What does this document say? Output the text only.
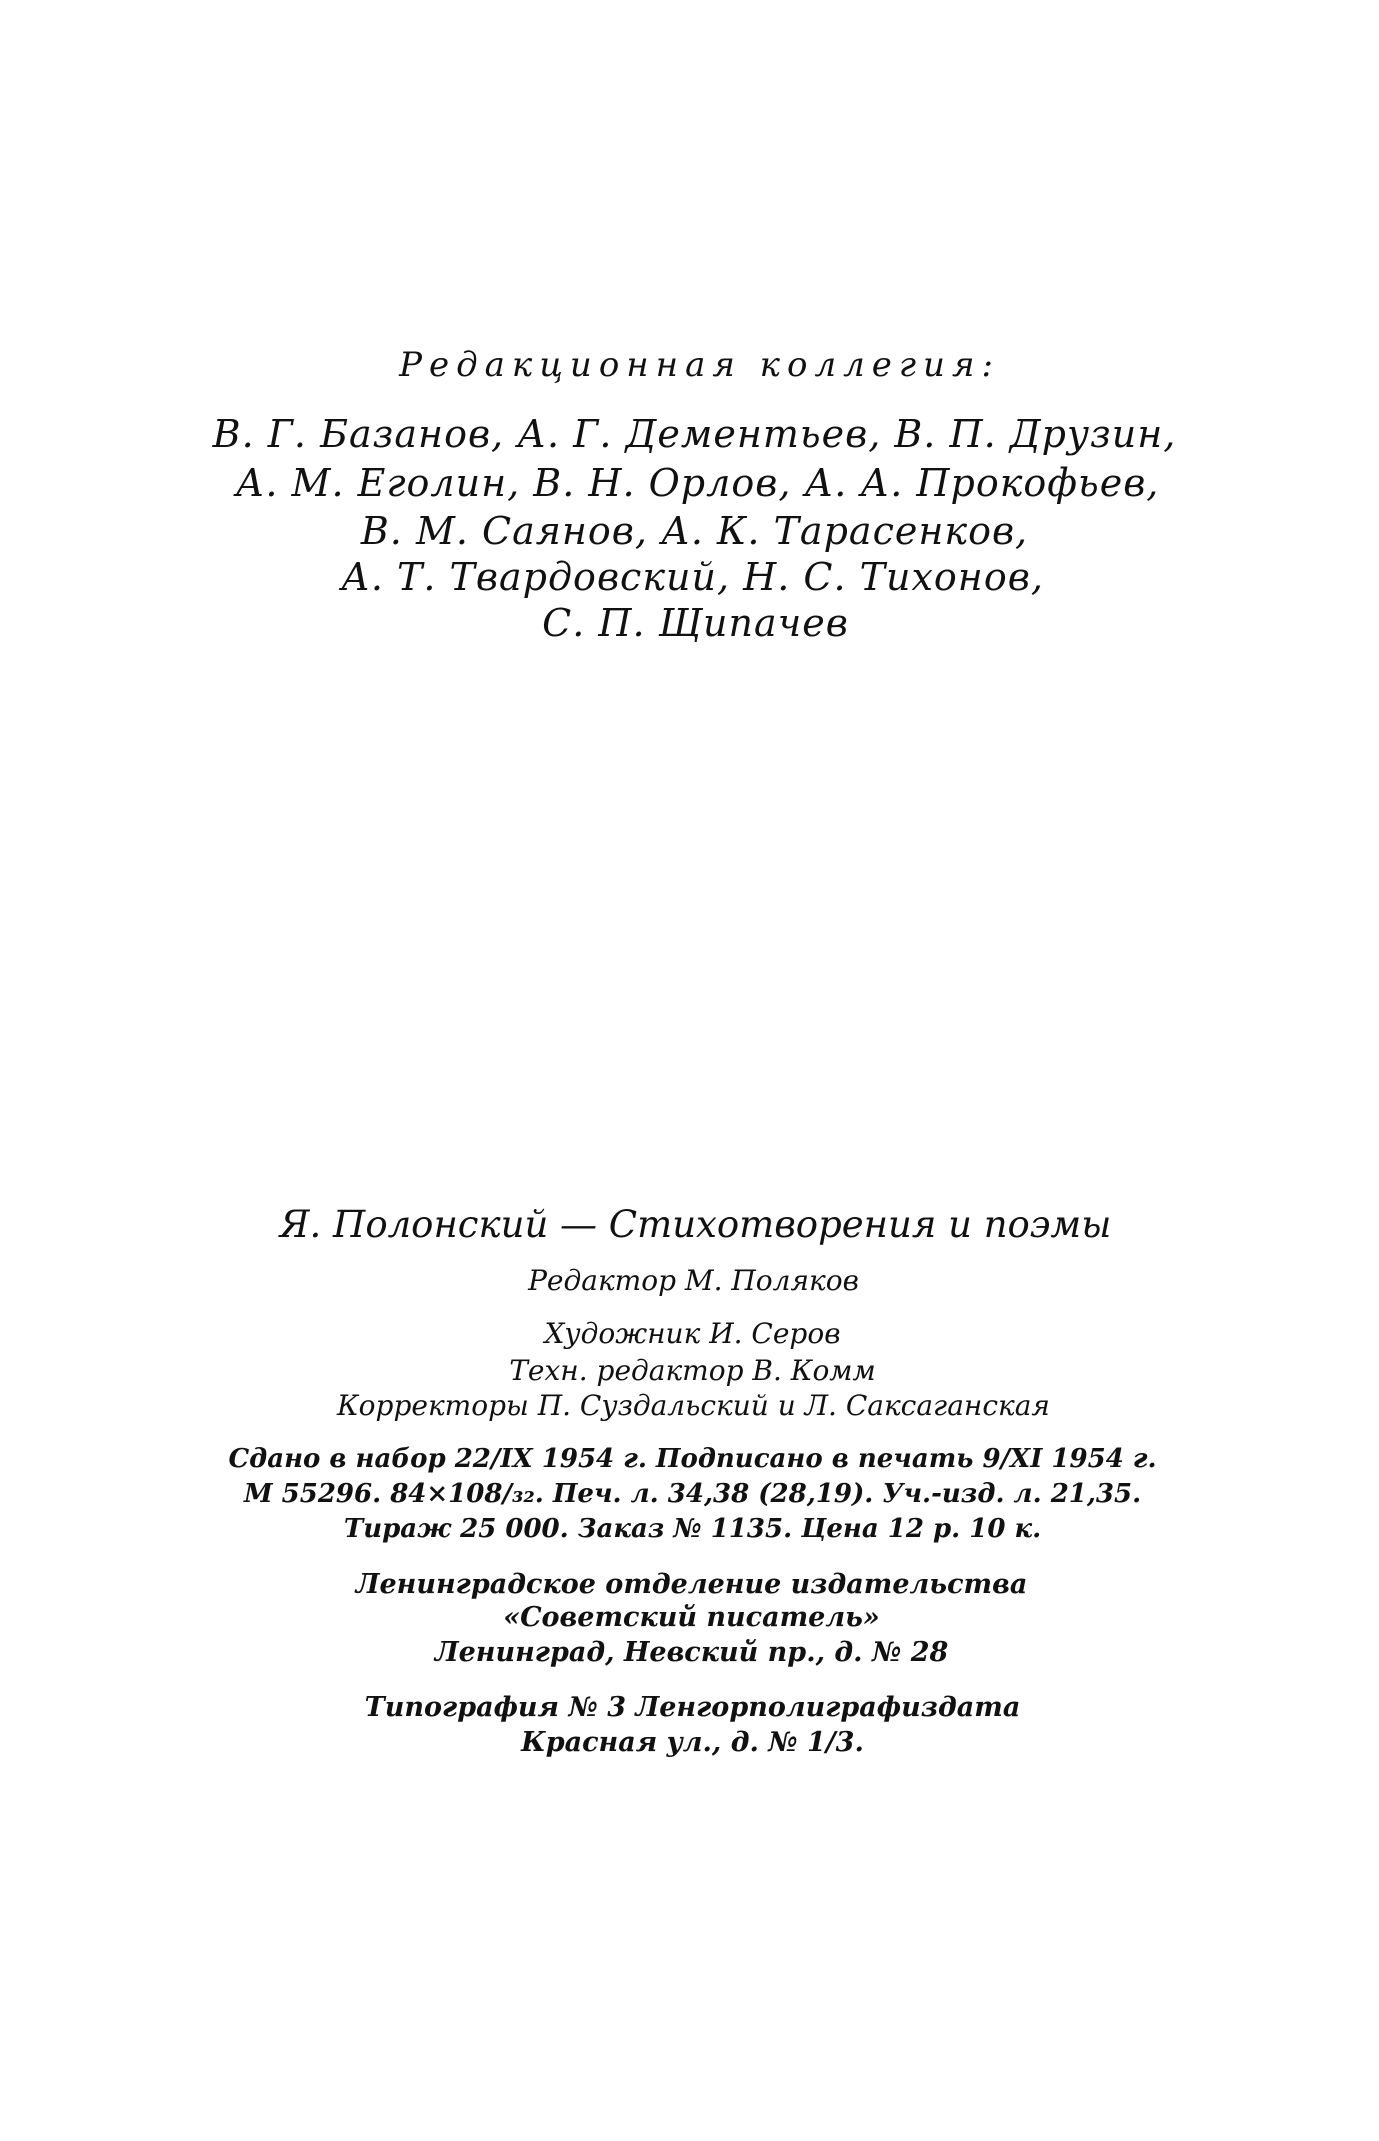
Редакционная коллегия:
В. Г. Базанов, А. Г. Дементьев, В. П. Друзин,
А. М. Еголин, В. Н. Орлов, А. А. Прокофьев,
В. М. Саянов, А. К. Тарасенков,
А. Т. Твардовский, Н. С. Тихонов,
С. П. Щипачев
Я. Полонский — Стихотворения и поэмы
Редактор М. Поляков
Художник И. Серов
Техн. редактор В. Комм
Корректоры П. Суздальский и Л. Саксаганская
Сдано в набор 22/IX 1954 г. Подписано в печать 9/XI 1954 г.
М 55296. 84×108/₃₂. Печ. л. 34,38 (28,19). Уч.-изд. л. 21,35.
Тираж 25 000. Заказ № 1135. Цена 12 р. 10 к.
Ленинградское отделение издательства
«Советский писатель»
Ленинград, Невский пр., д. № 28
Типография № 3 Ленгорполиграфиздата
Красная ул., д. № 1/3.
